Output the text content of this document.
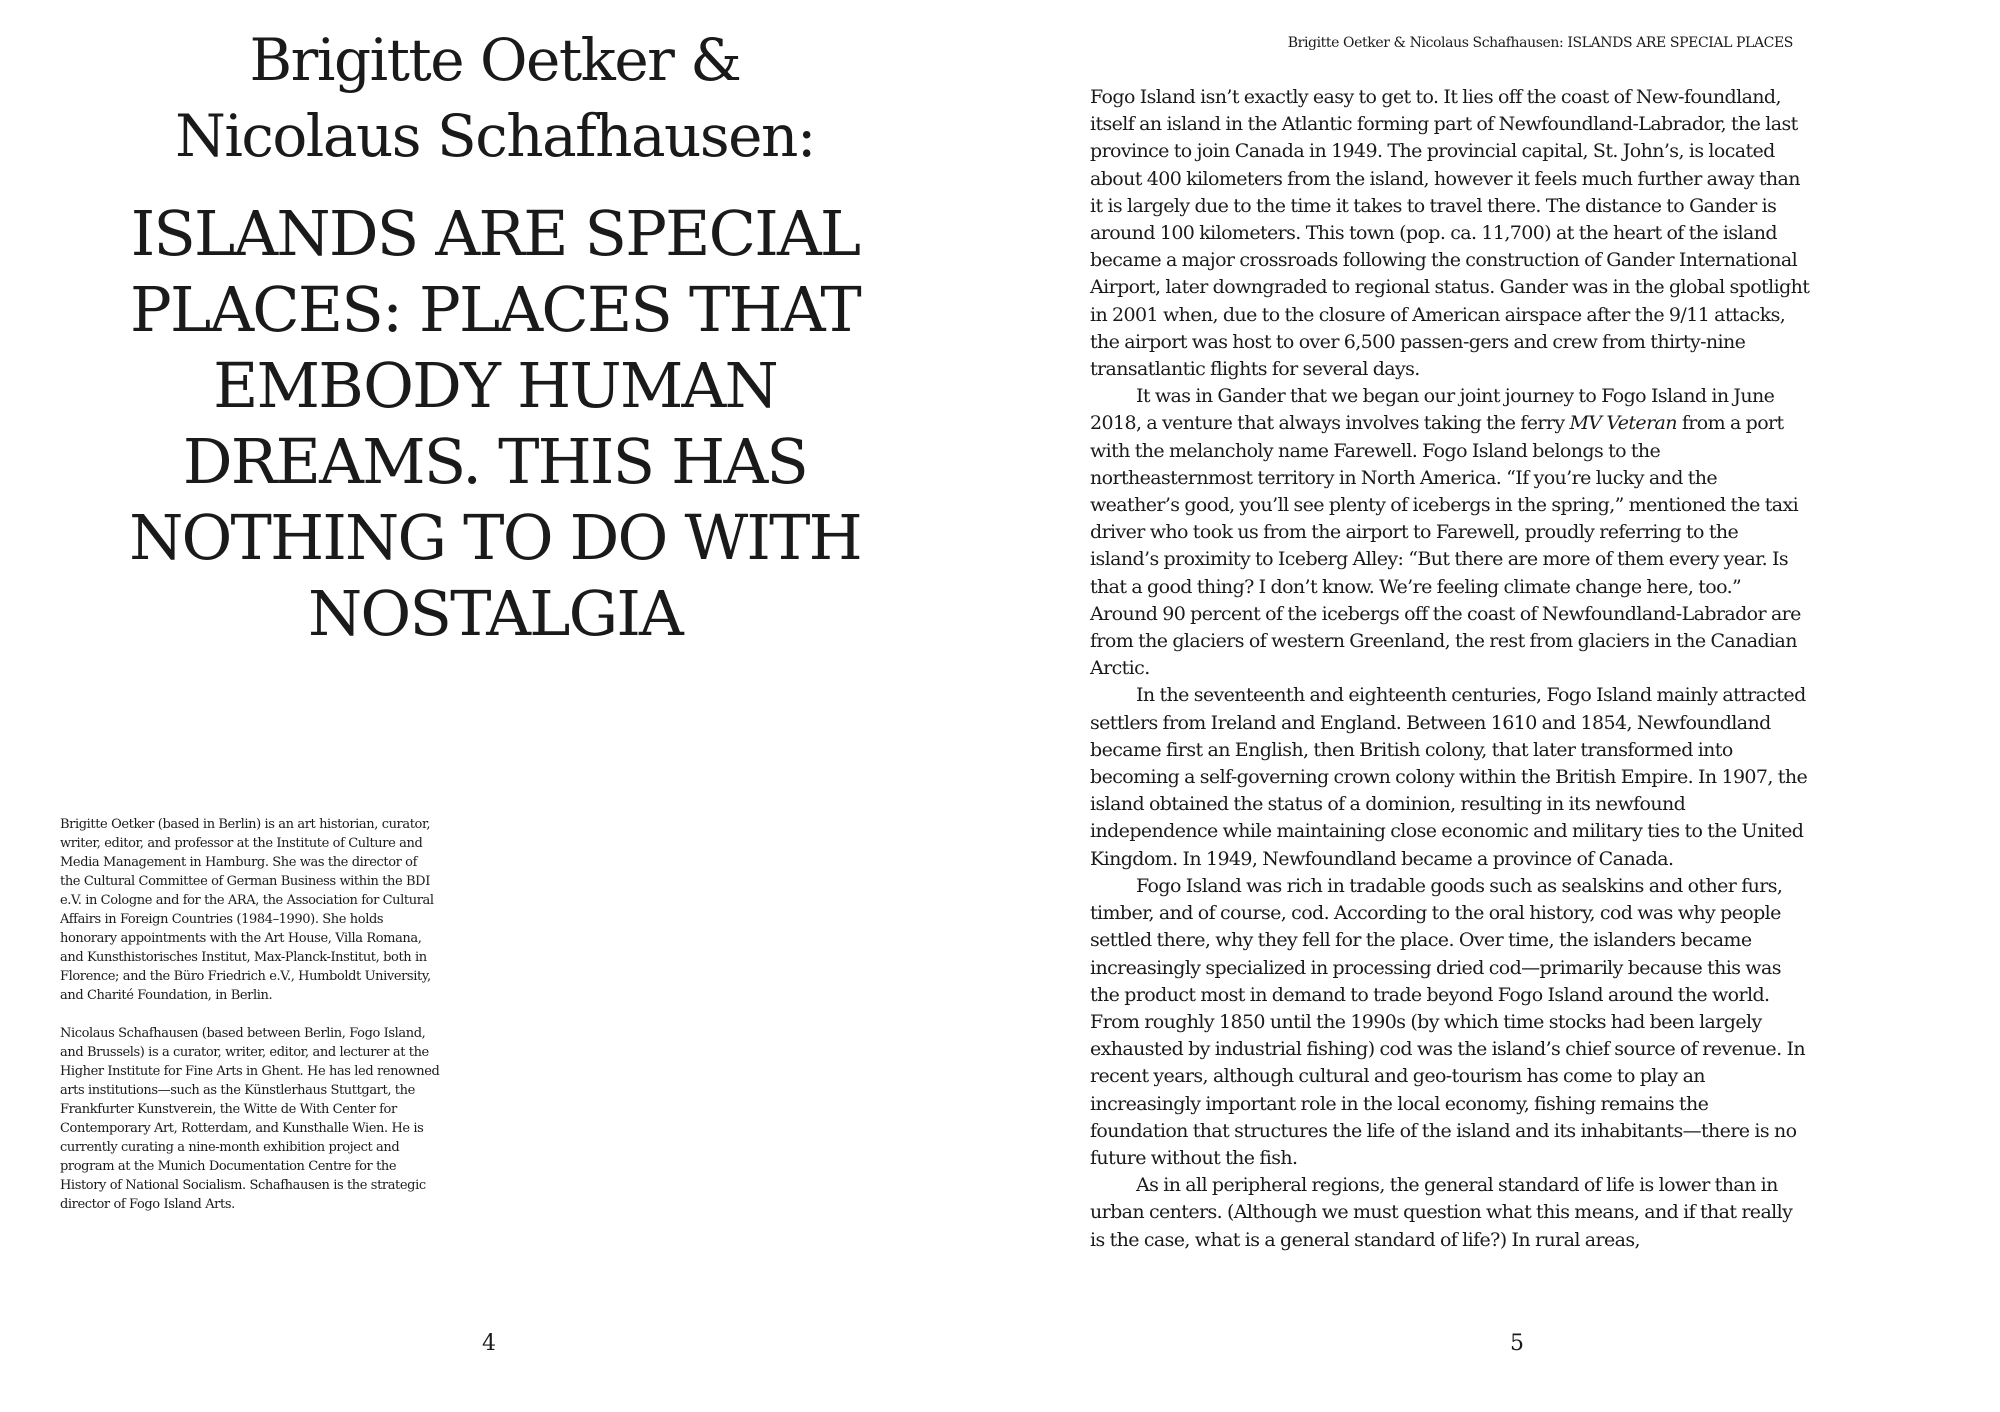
Brigitte Oetker &
Nicolaus Schafhausen:
ISLANDS ARE SPECIAL PLACES: PLACES THAT EMBODY HUMAN DREAMS. THIS HAS NOTHING TO DO WITH NOSTALGIA

Brigitte Oetker (based in Berlin) is an art historian, curator, writer, editor, and professor at the Institute of Culture and Media Management in Hamburg. She was the director of the Cultural Committee of German Business within the BDI e.V. in Cologne and for the ARA, the Association for Cultural Affairs in Foreign Countries (1984–1990). She holds honorary appointments with the Art House, Villa Romana, and Kunsthistorisches Institut, Max-Planck-Institut, both in Florence; and the Büro Friedrich e.V., Humboldt University, and Charité Foundation, in Berlin.

Nicolaus Schafhausen (based between Berlin, Fogo Island, and Brussels) is a curator, writer, editor, and lecturer at the Higher Institute for Fine Arts in Ghent. He has led renowned arts institutions—such as the Künstlerhaus Stuttgart, the Frankfurter Kunstverein, the Witte de With Center for Contemporary Art, Rotterdam, and Kunsthalle Wien. He is currently curating a nine-month exhibition project and program at the Munich Documentation Centre for the History of National Socialism. Schafhausen is the strategic director of Fogo Island Arts.

4
Brigitte Oetker & Nicolaus Schafhausen: ISLANDS ARE SPECIAL PLACES

Fogo Island isn’t exactly easy to get to. It lies off the coast of New-foundland, itself an island in the Atlantic forming part of Newfoundland-Labrador, the last province to join Canada in 1949. The provincial capital, St. John’s, is located about 400 kilometers from the island, however it feels much further away than it is largely due to the time it takes to travel there. The distance to Gander is around 100 kilometers. This town (pop. ca. 11,700) at the heart of the island became a major crossroads following the construction of Gander International Airport, later downgraded to regional status. Gander was in the global spotlight in 2001 when, due to the closure of American airspace after the 9/11 attacks, the airport was host to over 6,500 passen-gers and crew from thirty-nine transatlantic flights for several days.

It was in Gander that we began our joint journey to Fogo Island in June 2018, a venture that always involves taking the ferry MV Veteran from a port with the melancholy name Farewell. Fogo Island belongs to the northeasternmost territory in North America. “If you’re lucky and the weather’s good, you’ll see plenty of icebergs in the spring,” mentioned the taxi driver who took us from the airport to Farewell, proudly referring to the island’s proximity to Iceberg Alley: “But there are more of them every year. Is that a good thing? I don’t know. We’re feeling climate change here, too.” Around 90 percent of the icebergs off the coast of Newfoundland-Labrador are from the glaciers of western Greenland, the rest from glaciers in the Canadian Arctic.

In the seventeenth and eighteenth centuries, Fogo Island mainly attracted settlers from Ireland and England. Between 1610 and 1854, Newfoundland became first an English, then British colony, that later transformed into becoming a self-governing crown colony within the British Empire. In 1907, the island obtained the status of a dominion, resulting in its newfound independence while maintaining close economic and military ties to the United Kingdom. In 1949, Newfoundland became a province of Canada.

Fogo Island was rich in tradable goods such as sealskins and other furs, timber, and of course, cod. According to the oral history, cod was why people settled there, why they fell for the place. Over time, the islanders became increasingly specialized in processing dried cod—primarily because this was the product most in demand to trade beyond Fogo Island around the world. From roughly 1850 until the 1990s (by which time stocks had been largely exhausted by industrial fishing) cod was the island’s chief source of revenue. In recent years, although cultural and geo-tourism has come to play an increasingly important role in the local economy, fishing remains the foundation that structures the life of the island and its inhabitants—there is no future without the fish.

As in all peripheral regions, the general standard of life is lower than in urban centers. (Although we must question what this means, and if that really is the case, what is a general standard of life?) In rural areas,

5
